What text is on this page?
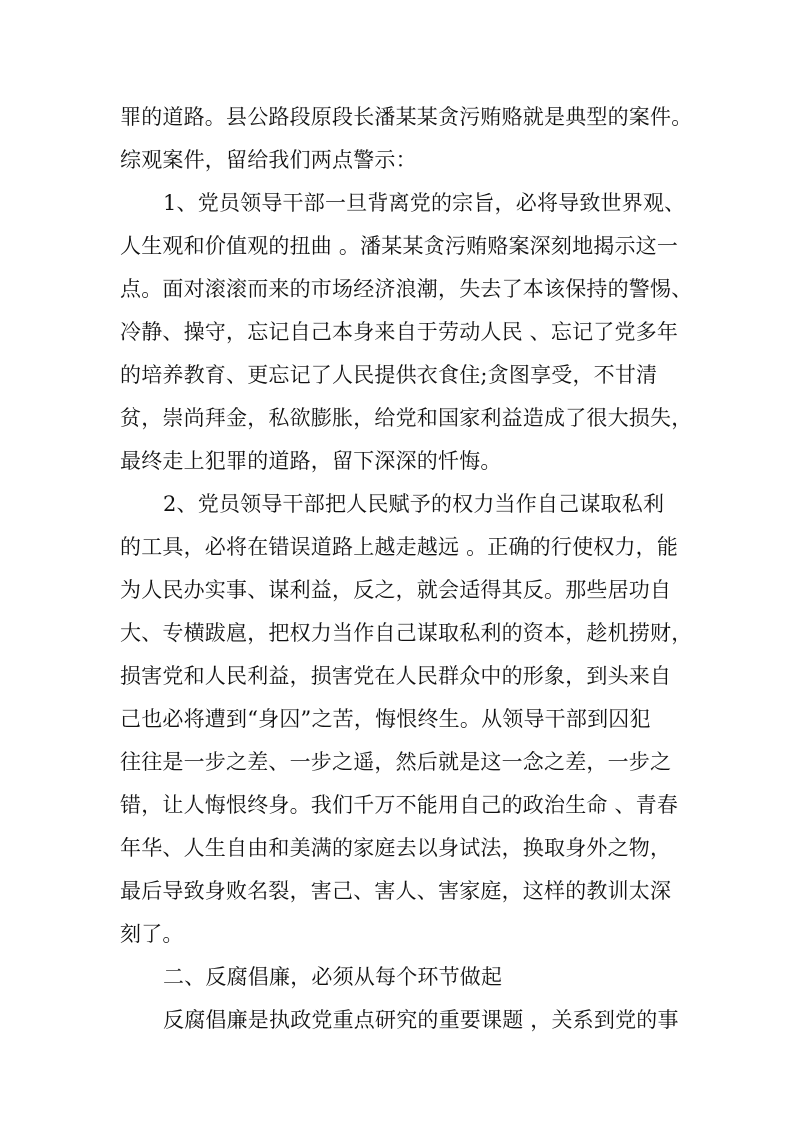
罪的道路。县公路段原段长潘某某贪污贿赂就是典型的案件。
综观案件，留给我们两点警示：
1、党员领导干部一旦背离党的宗旨，必将导致世界观、
人生观和价值观的扭曲 。潘某某贪污贿赂案深刻地揭示这一
点。面对滚滚而来的市场经济浪潮，失去了本该保持的警惕、
冷静、操守，忘记自己本身来自于劳动人民 、忘记了党多年
的培养教育、更忘记了人民提供衣食住;贪图享受，不甘清
贫，崇尚拜金，私欲膨胀，给党和国家利益造成了很大损失，
最终走上犯罪的道路，留下深深的忏悔。
2、党员领导干部把人民赋予的权力当作自己谋取私利
的工具，必将在错误道路上越走越远 。正确的行使权力，能
为人民办实事、谋利益，反之，就会适得其反。那些居功自
大、专横跋扈，把权力当作自己谋取私利的资本，趁机捞财，
损害党和人民利益，损害党在人民群众中的形象，到头来自
己也必将遭到“身囚”之苦，悔恨终生。从领导干部到囚犯
往往是一步之差、一步之遥，然后就是这一念之差，一步之
错，让人悔恨终身。我们千万不能用自己的政治生命 、青春
年华、人生自由和美满的家庭去以身试法，换取身外之物，
最后导致身败名裂，害己、害人、害家庭，这样的教训太深
刻了。
二、反腐倡廉，必须从每个环节做起
反腐倡廉是执政党重点研究的重要课题 ，关系到党的事
